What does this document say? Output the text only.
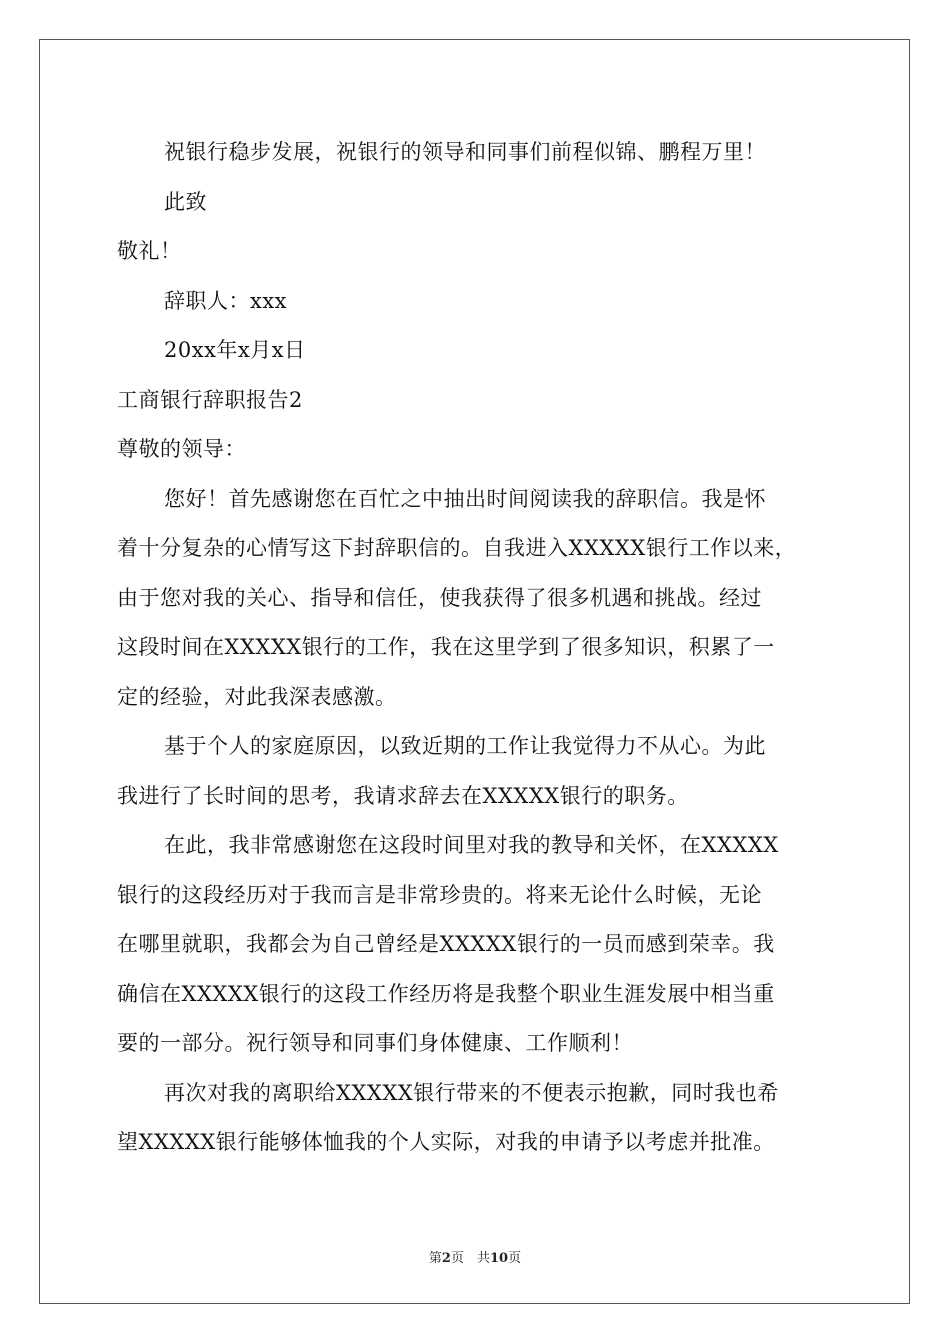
祝银行稳步发展，祝银行的领导和同事们前程似锦、鹏程万里！

此致

敬礼！

辞职人：xxx

20xx年x月x日

工商银行辞职报告2

尊敬的领导：

您好！首先感谢您在百忙之中抽出时间阅读我的辞职信。我是怀

着十分复杂的心情写这下封辞职信的。自我进入XXXXX银行工作以来，

由于您对我的关心、指导和信任，使我获得了很多机遇和挑战。经过

这段时间在XXXXX银行的工作，我在这里学到了很多知识，积累了一

定的经验，对此我深表感激。

基于个人的家庭原因，以致近期的工作让我觉得力不从心。为此

我进行了长时间的思考，我请求辞去在XXXXX银行的职务。

在此，我非常感谢您在这段时间里对我的教导和关怀，在XXXXX

银行的这段经历对于我而言是非常珍贵的。将来无论什么时候，无论

在哪里就职，我都会为自己曾经是XXXXX银行的一员而感到荣幸。我

确信在XXXXX银行的这段工作经历将是我整个职业生涯发展中相当重

要的一部分。祝行领导和同事们身体健康、工作顺利！

再次对我的离职给XXXXX银行带来的不便表示抱歉，同时我也希

望XXXXX银行能够体恤我的个人实际，对我的申请予以考虑并批准。

第2页　共10页
